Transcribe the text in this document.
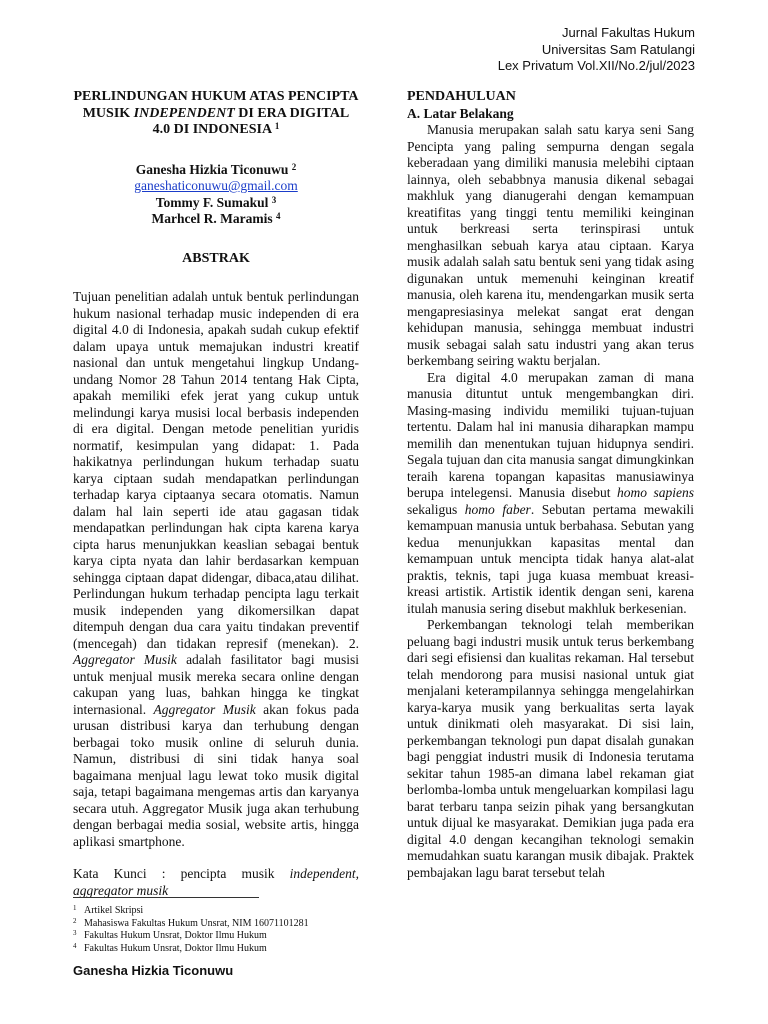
Jurnal Fakultas Hukum
Universitas Sam Ratulangi
Lex Privatum Vol.XII/No.2/jul/2023
PERLINDUNGAN HUKUM ATAS PENCIPTA MUSIK INDEPENDENT DI ERA DIGITAL 4.0 DI INDONESIA $^1$
Ganesha Hizkia Ticonuwu $^2$
ganeshaticonuwu@gmail.com
Tommy F. Sumakul $^3$
Marhcel R. Maramis $^4$
ABSTRAK

Tujuan penelitian adalah untuk bentuk perlindungan hukum nasional terhadap music independen di era digital 4.0 di Indonesia, apakah sudah cukup efektif dalam upaya untuk memajukan industri kreatif nasional dan untuk mengetahui lingkup Undang-undang Nomor 28 Tahun 2014 tentang Hak Cipta, apakah memiliki efek jerat yang cukup untuk melindungi karya musisi local berbasis independen di era digital. Dengan metode penelitian yuridis normatif, kesimpulan yang didapat: 1. Pada hakikatnya perlindungan hukum terhadap suatu karya ciptaan sudah mendapatkan perlindungan terhadap karya ciptaanya secara otomatis. Namun dalam hal lain seperti ide atau gagasan tidak mendapatkan perlindungan hak cipta karena karya cipta harus menunjukkan keaslian sebagai bentuk karya cipta nyata dan lahir berdasarkan kempuan sehingga ciptaan dapat didengar, dibaca,atau dilihat. Perlindungan hukum terhadap pencipta lagu terkait musik independen yang dikomersilkan dapat ditempuh dengan dua cara yaitu tindakan preventif (mencegah) dan tidakan represif (menekan). 2. Aggregator Musik adalah fasilitator bagi musisi untuk menjual musik mereka secara online dengan cakupan yang luas, bahkan hingga ke tingkat internasional. Aggregator Musik akan fokus pada urusan distribusi karya dan terhubung dengan berbagai toko musik online di seluruh dunia. Namun, distribusi di sini tidak hanya soal bagaimana menjual lagu lewat toko musik digital saja, tetapi bagaimana mengemas artis dan karyanya secara utuh. Aggregator Musik juga akan terhubung dengan berbagai media sosial, website artis, hingga aplikasi smartphone.

Kata Kunci : pencipta musik independent, aggregator musik
PENDAHULUAN
A. Latar Belakang

Manusia merupakan salah satu karya seni Sang Pencipta yang paling sempurna dengan segala keberadaan yang dimiliki manusia melebihi ciptaan lainnya, oleh sebabbnya manusia dikenal sebagai makhluk yang dianugerahi dengan kemampuan kreatifitas yang tinggi tentu memiliki keinginan untuk berkreasi serta terinspirasi untuk menghasilkan sebuah karya atau ciptaan. Karya musik adalah salah satu bentuk seni yang tidak asing digunakan untuk memenuhi keinginan kreatif manusia, oleh karena itu, mendengarkan musik serta mengapresiasinya melekat sangat erat dengan kehidupan manusia, sehingga membuat industri musik sebagai salah satu industri yang akan terus berkembang seiring waktu berjalan.

Era digital 4.0 merupakan zaman di mana manusia dituntut untuk mengembangkan diri. Masing-masing individu memiliki tujuan-tujuan tertentu. Dalam hal ini manusia diharapkan mampu memilih dan menentukan tujuan hidupnya sendiri. Segala tujuan dan cita manusia sangat dimungkinkan teraih karena topangan kapasitas manusiawinya berupa intelegensi. Manusia disebut homo sapiens sekaligus homo faber. Sebutan pertama mewakili kemampuan manusia untuk berbahasa. Sebutan yang kedua menunjukkan kapasitas mental dan kemampuan untuk mencipta tidak hanya alat-alat praktis, teknis, tapi juga kuasa membuat kreasi-kreasi artistik. Artistik identik dengan seni, karena itulah manusia sering disebut makhluk berkesenian.

Perkembangan teknologi telah memberikan peluang bagi industri musik untuk terus berkembang dari segi efisiensi dan kualitas rekaman. Hal tersebut telah mendorong para musisi nasional untuk giat menjalani keterampilannya sehingga mengelahirkan karya-karya musik yang berkualitas serta layak untuk dinikmati oleh masyarakat. Di sisi lain, perkembangan teknologi pun dapat disalah gunakan bagi penggiat industri musik di Indonesia terutama sekitar tahun 1985-an dimana label rekaman giat berlomba-lomba untuk mengeluarkan kompilasi lagu barat terbaru tanpa seizin pihak yang bersangkutan untuk dijual ke masyarakat. Demikian juga pada era digital 4.0 dengan kecangihan teknologi semakin memudahkan suatu karangan musik dibajak. Praktek pembajakan lagu barat tersebut telah

$^1$ Artikel Skripsi
$^2$ Mahasiswa Fakultas Hukum Unsrat, NIM 16071101281
$^3$ Fakultas Hukum Unsrat, Doktor Ilmu Hukum
$^4$ Fakultas Hukum Unsrat, Doktor Ilmu Hukum
Ganesha Hizkia Ticonuwu
